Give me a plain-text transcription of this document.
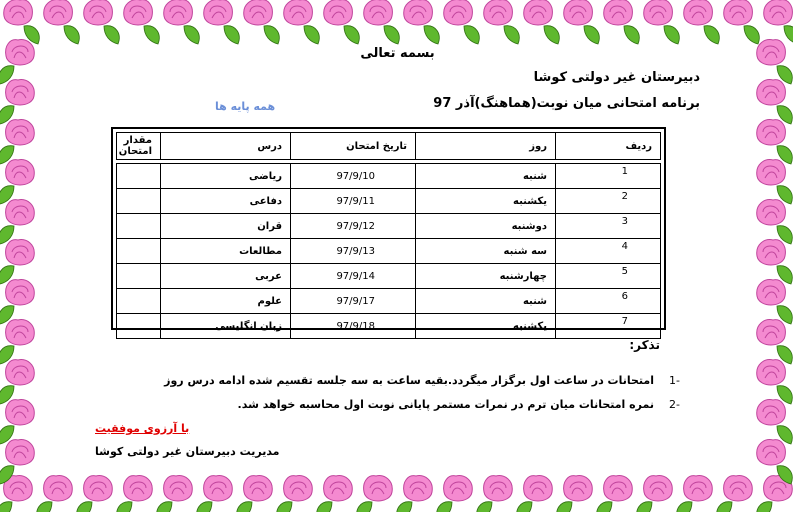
بسمه تعالی
دبیرستان غیر دولتی کوشا
برنامه امتحانی میان نوبت(هماهنگ)آذر 97
همه پایه ها
ردیف	روز	تاریخ امتحان	درس	مقدار امتحان

1	شنبه	97/9/10	ریاضی	
2	یکشنبه	97/9/11	دفاعی	
3	دوشنبه	97/9/12	قران	
4	سه شنبه	97/9/13	مطالعات	
5	چهارشنبه	97/9/14	عربی	
6	شنبه	97/9/17	علوم	
7	یکشنبه	97/9/18	زبان انگلیسی	
تذکر:
-1امتحانات در ساعت اول برگزار میگردد.بقیه ساعت به سه جلسه تقسیم شده ادامه درس روز
-2نمره امتحانات میان ترم در نمرات مستمر پایانی نوبت اول محاسبه خواهد شد.
با آرزوی موفقیت
مدیریت دبیرستان غیر دولتی کوشا
